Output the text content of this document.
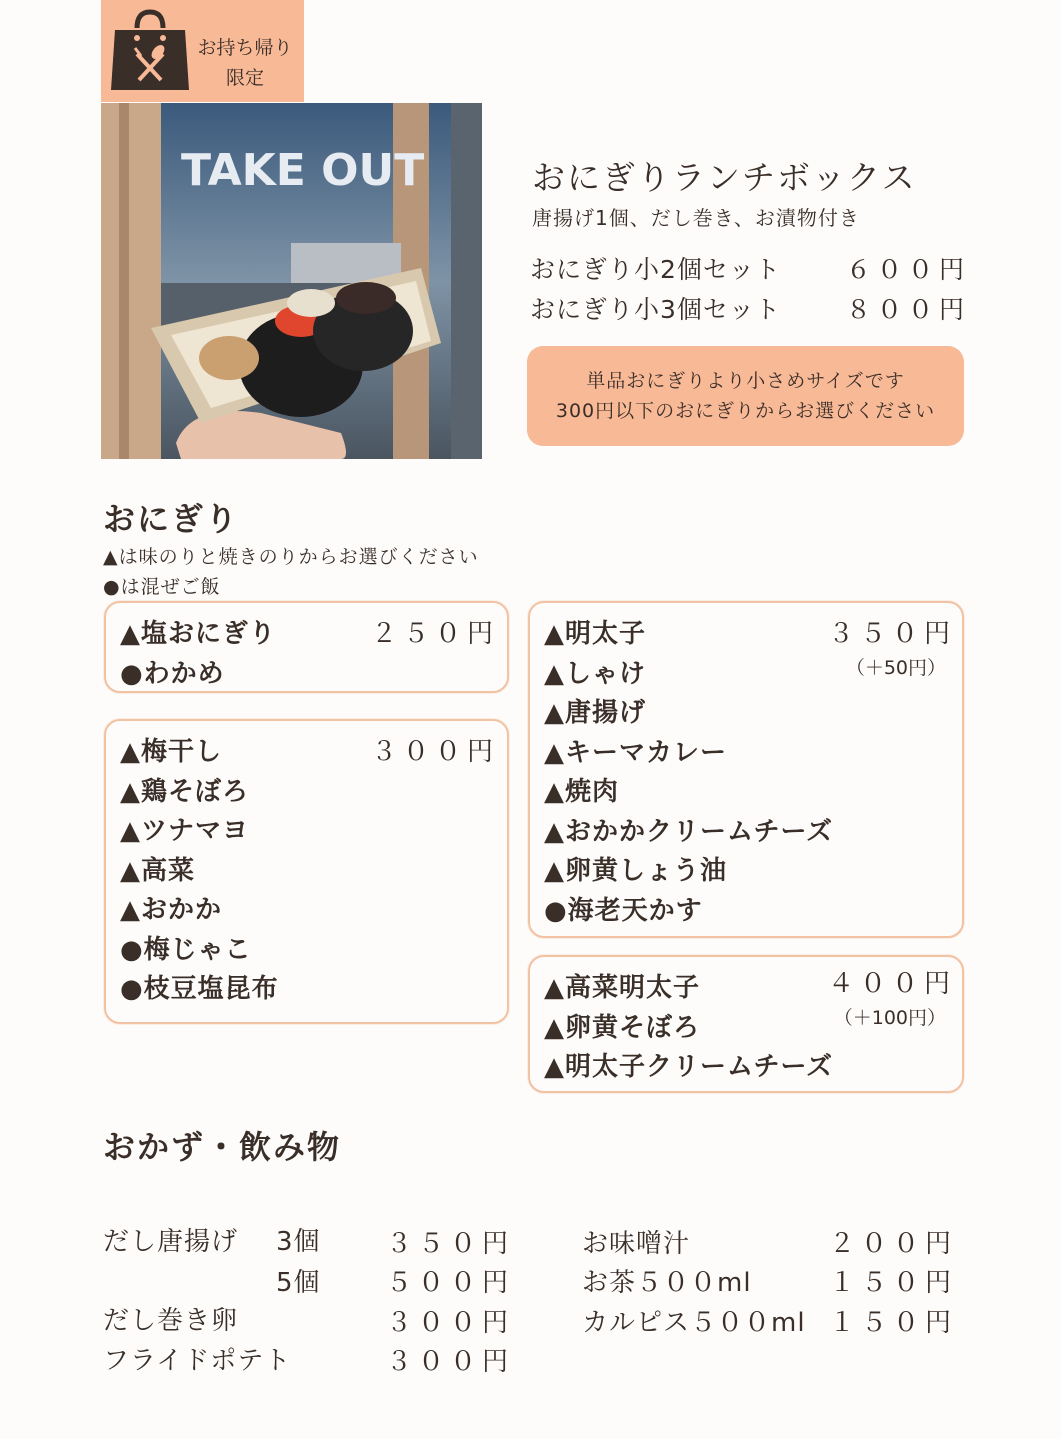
お持ち帰り
限定
TAKE OUT	おにぎりランチボックス
唐揚げ1個、だし巻き、お漬物付き
おにぎり小2個セット	６００円
おにぎり小3個セット	８００円
単品おにぎりより小さめサイズです
300円以下のおにぎりからお選びください
おにぎり
▲は味のりと焼きのりからお選びください
●は混ぜご飯
▲塩おにぎり
●わかめ
２５０円
▲梅干し
▲鶏そぼろ
▲ツナマヨ
▲高菜
▲おかか
●梅じゃこ
●枝豆塩昆布
３００円
▲明太子
▲しゃけ
▲唐揚げ
▲キーマカレー
▲焼肉
▲おかかクリームチーズ
▲卵黄しょう油
●海老天かす
３５０円
（＋50円）
▲高菜明太子
▲卵黄そぼろ
▲明太子クリームチーズ
４００円
（＋100円）
おかず・飲み物
だし唐揚げ 3個	３５０円
5個	５００円
だし巻き卵	３００円
フライドポテト	３００円
お味噌汁	２００円
お茶５００ml	１５０円
カルピス５００ml １５０円
